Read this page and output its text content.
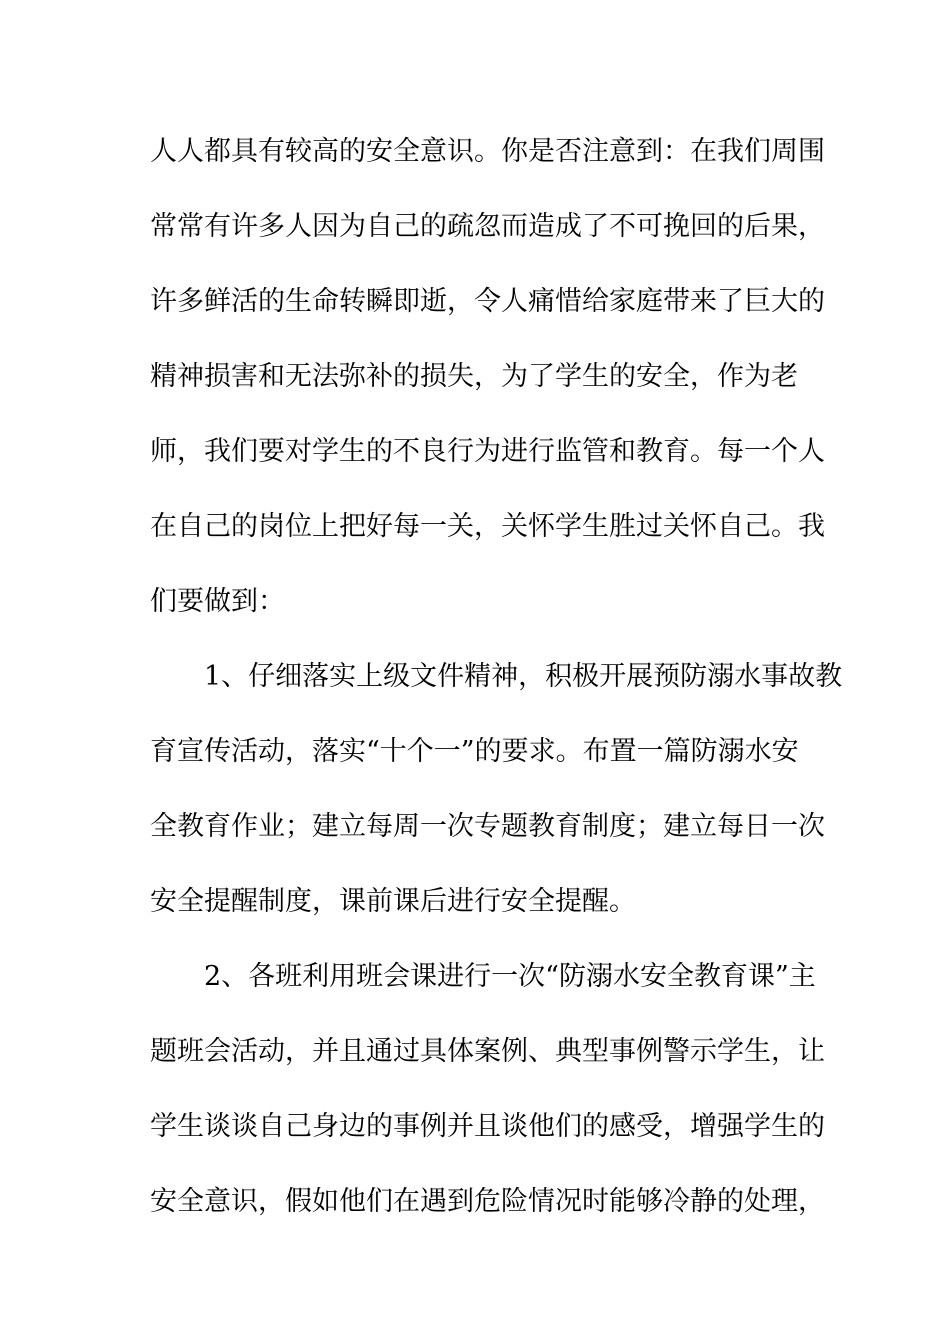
人人都具有较高的安全意识。你是否注意到：在我们周围
常常有许多人因为自己的疏忽而造成了不可挽回的后果，
许多鲜活的生命转瞬即逝，令人痛惜给家庭带来了巨大的
精神损害和无法弥补的损失，为了学生的安全，作为老
师，我们要对学生的不良行为进行监管和教育。每一个人
在自己的岗位上把好每一关，关怀学生胜过关怀自己。我
们要做到：
1、仔细落实上级文件精神，积极开展预防溺水事故教
育宣传活动，落实“十个一”的要求。布置一篇防溺水安
全教育作业；建立每周一次专题教育制度；建立每日一次
安全提醒制度，课前课后进行安全提醒。
2、各班利用班会课进行一次“防溺水安全教育课”主
题班会活动，并且通过具体案例、典型事例警示学生，让
学生谈谈自己身边的事例并且谈他们的感受，增强学生的
安全意识，假如他们在遇到危险情况时能够冷静的处理，
